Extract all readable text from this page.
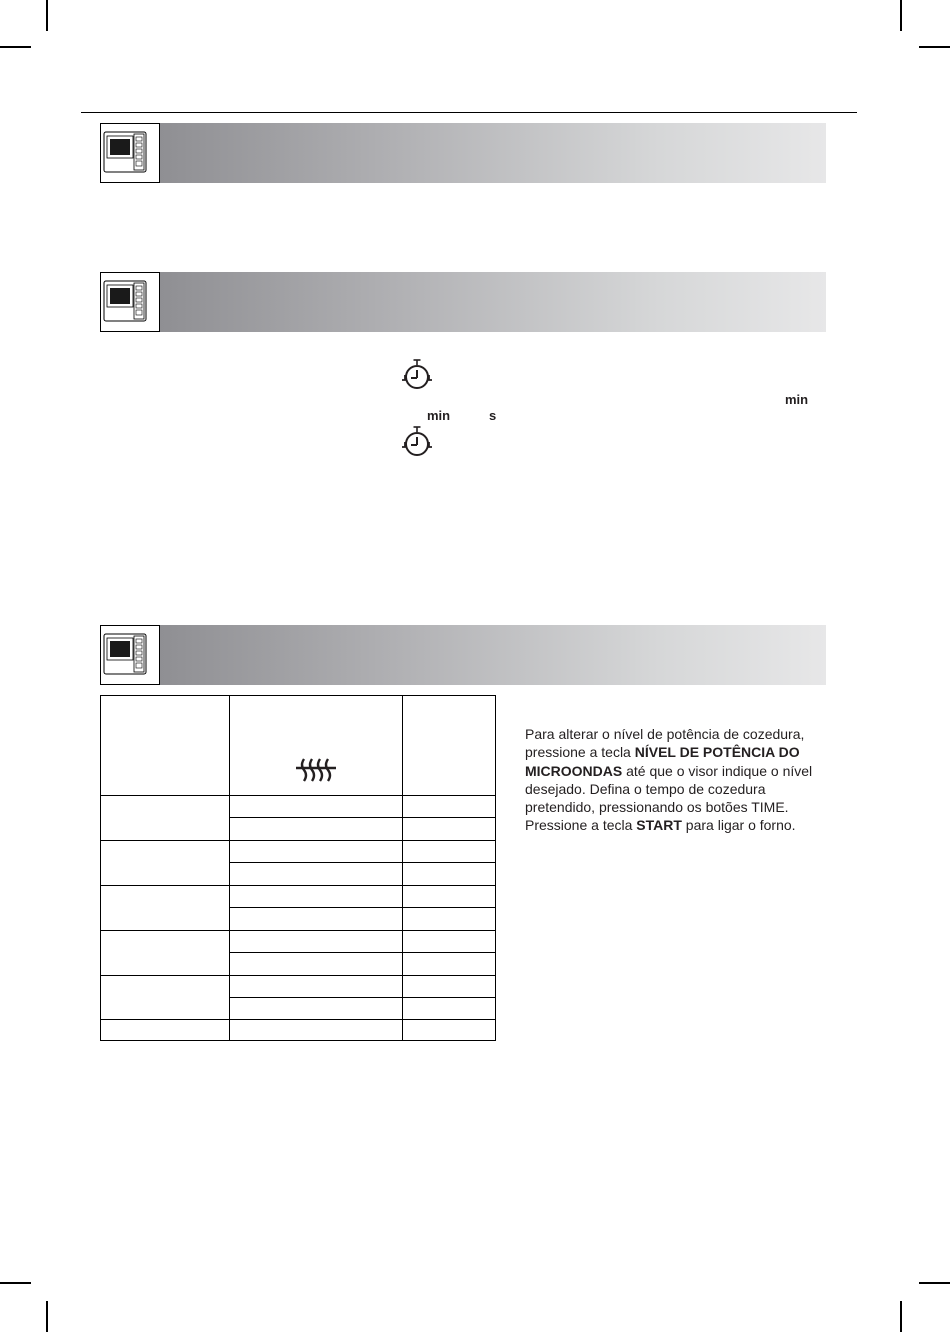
min
min	s
Para alterar o nível de potência de cozedura, pressione a tecla NÍVEL DE POTÊNCIA DO MICROONDAS até que o visor indique o nível desejado. Defina o tempo de cozedura pretendido, pressionando os botões TIME. Pressione a tecla START para ligar o forno.
